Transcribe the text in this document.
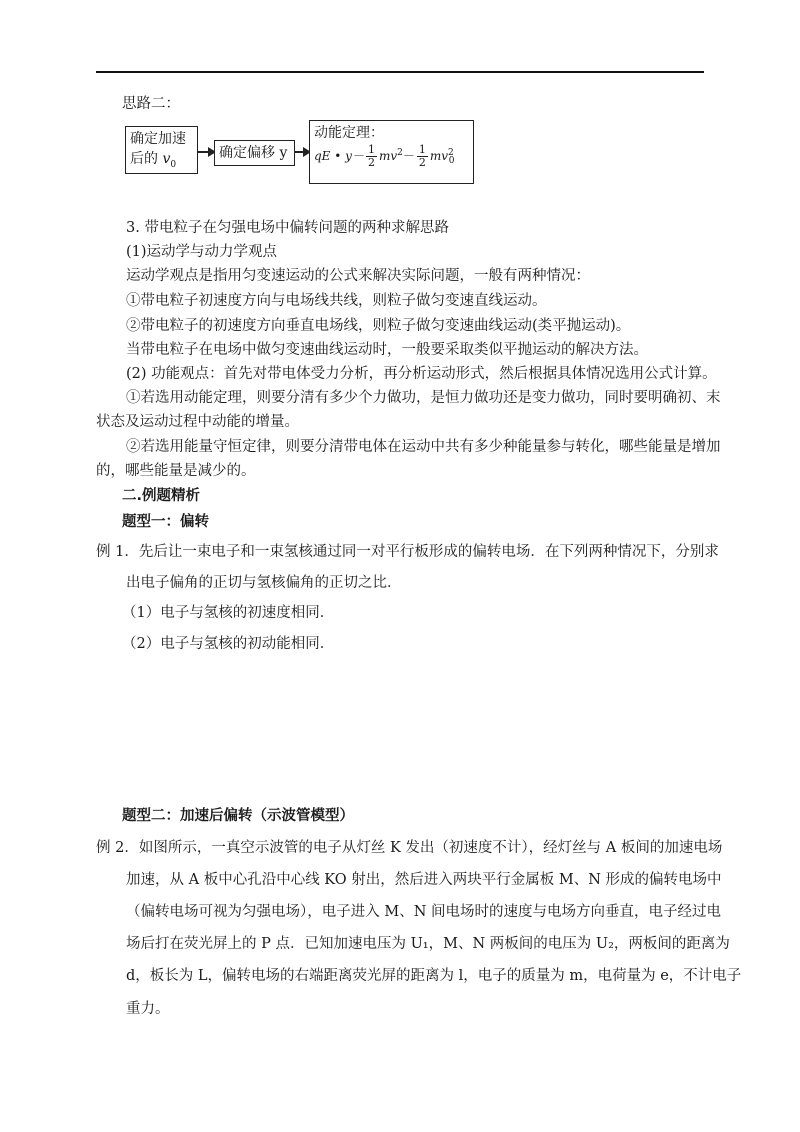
思路二：
确定加速
后的 $v_0$
确定偏移 y
动能定理：
qE • $y- \frac{1}{2} mv^2- \frac{1}{2} mv^2_0$
3. 带电粒子在匀强电场中偏转问题的两种求解思路
(1)运动学与动力学观点
运动学观点是指用匀变速运动的公式来解决实际问题，一般有两种情况：
①带电粒子初速度方向与电场线共线，则粒子做匀变速直线运动。
②带电粒子的初速度方向垂直电场线，则粒子做匀变速曲线运动(类平抛运动)。
当带电粒子在电场中做匀变速曲线运动时，一般要采取类似平抛运动的解决方法。
(2) 功能观点：首先对带电体受力分析，再分析运动形式，然后根据具体情况选用公式计算。
①若选用动能定理，则要分清有多少个力做功，是恒力做功还是变力做功，同时要明确初、末
状态及运动过程中动能的增量。
②若选用能量守恒定律，则要分清带电体在运动中共有多少种能量参与转化，哪些能量是增加
的，哪些能量是减少的。
二.例题精析
题型一：偏转
例 1．先后让一束电子和一束氢核通过同一对平行板形成的偏转电场．在下列两种情况下，分别求
出电子偏角的正切与氢核偏角的正切之比．
（1）电子与氢核的初速度相同．
（2）电子与氢核的初动能相同．
题型二：加速后偏转（示波管模型）
例 2．如图所示，一真空示波管的电子从灯丝 K 发出（初速度不计），经灯丝与 A 板间的加速电场
加速，从 A 板中心孔沿中心线 KO 射出，然后进入两块平行金属板 M、N 形成的偏转电场中
（偏转电场可视为匀强电场），电子进入 M、N 间电场时的速度与电场方向垂直，电子经过电
场后打在荧光屏上的 P 点．已知加速电压为 U₁，M、N 两板间的电压为 U₂，两板间的距离为
d，板长为 L，偏转电场的右端距离荧光屏的距离为 l，电子的质量为 m，电荷量为 e，不计电子
重力。
